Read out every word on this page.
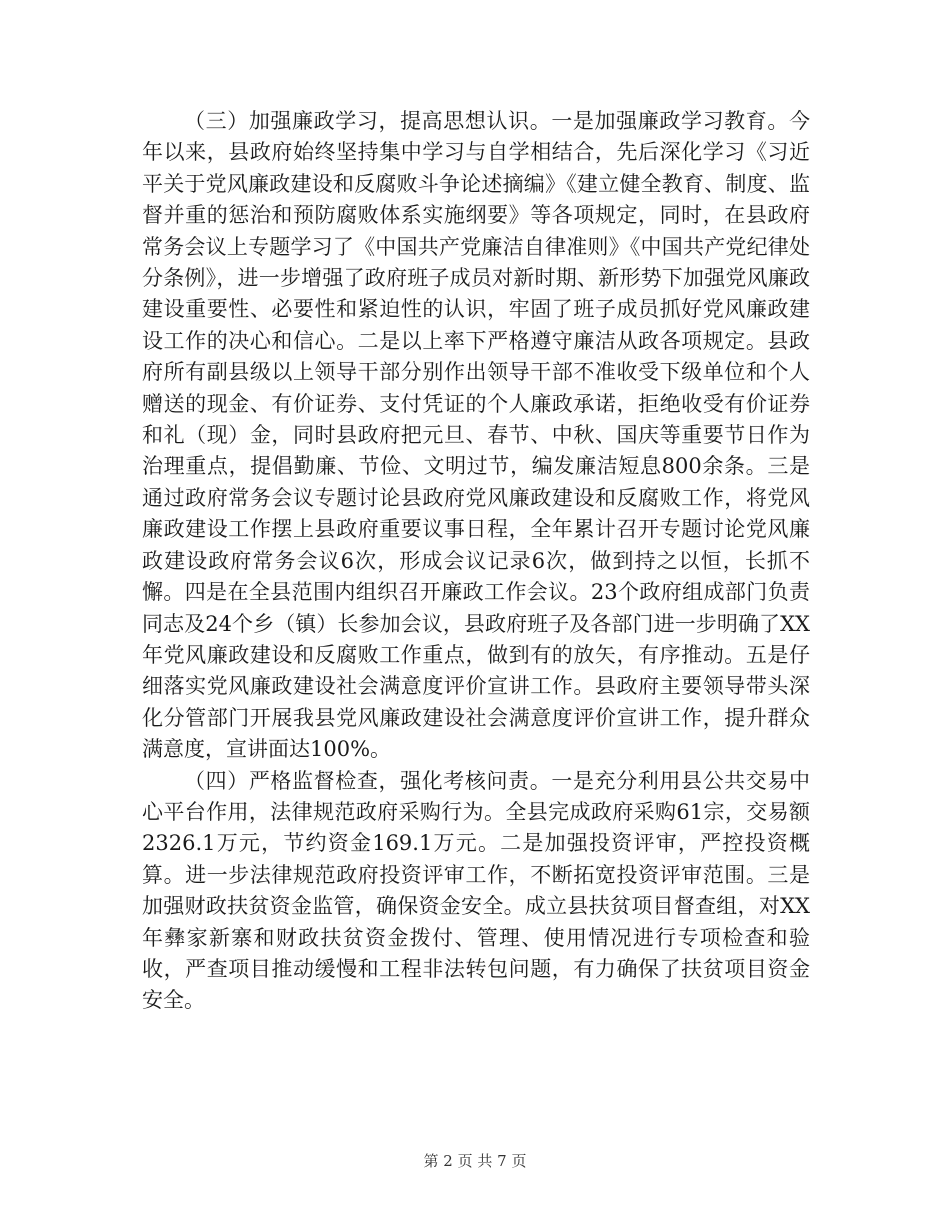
（三）加强廉政学习，提高思想认识。一是加强廉政学习教育。今年以来，县政府始终坚持集中学习与自学相结合，先后深化学习《习近平关于党风廉政建设和反腐败斗争论述摘编》《建立健全教育、制度、监督并重的惩治和预防腐败体系实施纲要》等各项规定，同时，在县政府常务会议上专题学习了《中国共产党廉洁自律准则》《中国共产党纪律处分条例》，进一步增强了政府班子成员对新时期、新形势下加强党风廉政建设重要性、必要性和紧迫性的认识，牢固了班子成员抓好党风廉政建设工作的决心和信心。二是以上率下严格遵守廉洁从政各项规定。县政府所有副县级以上领导干部分别作出领导干部不准收受下级单位和个人赠送的现金、有价证券、支付凭证的个人廉政承诺，拒绝收受有价证券和礼（现）金，同时县政府把元旦、春节、中秋、国庆等重要节日作为治理重点，提倡勤廉、节俭、文明过节，编发廉洁短息800余条。三是通过政府常务会议专题讨论县政府党风廉政建设和反腐败工作，将党风廉政建设工作摆上县政府重要议事日程，全年累计召开专题讨论党风廉政建设政府常务会议6次，形成会议记录6次，做到持之以恒，长抓不懈。四是在全县范围内组织召开廉政工作会议。23个政府组成部门负责同志及24个乡（镇）长参加会议，县政府班子及各部门进一步明确了XX年党风廉政建设和反腐败工作重点，做到有的放矢，有序推动。五是仔细落实党风廉政建设社会满意度评价宣讲工作。县政府主要领导带头深化分管部门开展我县党风廉政建设社会满意度评价宣讲工作，提升群众满意度，宣讲面达100%。

（四）严格监督检查，强化考核问责。一是充分利用县公共交易中心平台作用，法律规范政府采购行为。全县完成政府采购61宗，交易额2326.1万元，节约资金169.1万元。二是加强投资评审，严控投资概算。进一步法律规范政府投资评审工作，不断拓宽投资评审范围。三是加强财政扶贫资金监管，确保资金安全。成立县扶贫项目督查组，对XX年彝家新寨和财政扶贫资金拨付、管理、使用情况进行专项检查和验收，严查项目推动缓慢和工程非法转包问题，有力确保了扶贫项目资金安全。

第 2 页 共 7 页
